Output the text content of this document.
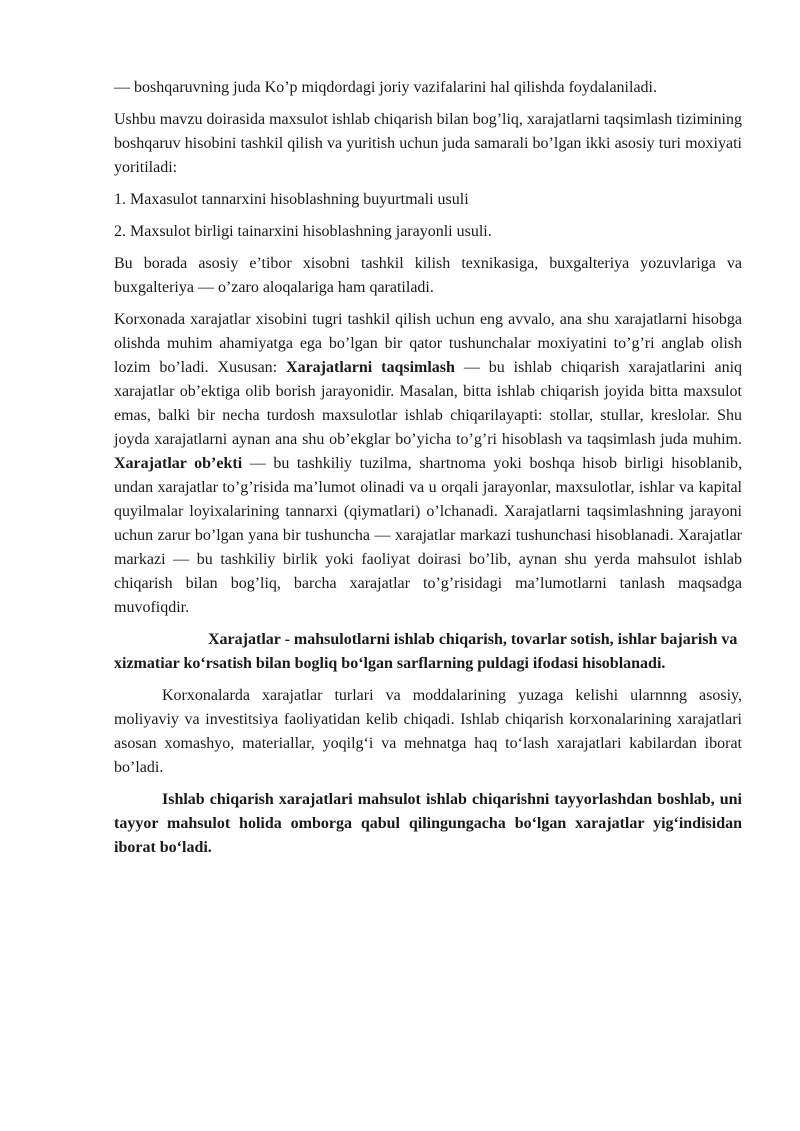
— boshqaruvning juda Ko’p miqdordagi joriy vazifalarini hal qilishda foydalaniladi.

Ushbu mavzu doirasida maxsulot ishlab chiqarish bilan bog’liq, xarajatlarni taqsimlash tizimining boshqaruv hisobini tashkil qilish va yuritish uchun juda samarali bo’lgan ikki asosiy turi moxiyati yoritiladi:

1. Maxasulot tannarxini hisoblashning buyurtmali usuli

2. Maxsulot birligi tainarxini hisoblashning jarayonli usuli.

Bu borada asosiy e’tibor xisobni tashkil kilish texnikasiga, buxgalteriya yozuvlariga va buxgalteriya — o’zaro aloqalariga ham qaratiladi.

Korxonada xarajatlar xisobini tugri tashkil qilish uchun eng avvalo, ana shu xarajatlarni hisobga olishda muhim ahamiyatga ega bo’lgan bir qator tushunchalar moxiyatini to’g’ri anglab olish lozim bo’ladi. Xususan: Xarajatlarni taqsimlash — bu ishlab chiqarish xarajatlarini aniq xarajatlar ob’ektiga olib borish jarayonidir. Masalan, bitta ishlab chiqarish joyida bitta maxsulot emas, balki bir necha turdosh maxsulotlar ishlab chiqarilayapti: stollar, stullar, kreslolar. Shu joyda xarajatlarni aynan ana shu ob’ekglar bo’yicha to’g’ri hisoblash va taqsimlash juda muhim. Xarajatlar ob’ekti — bu tashkiliy tuzilma, shartnoma yoki boshqa hisob birligi hisoblanib, undan xarajatlar to’g’risida ma’lumot olinadi va u orqali jarayonlar, maxsulotlar, ishlar va kapital quyilmalar loyixalarining tannarxi (qiymatlari) o’lchanadi. Xarajatlarni taqsimlashning jarayoni uchun zarur bo’lgan yana bir tushuncha — xarajatlar markazi tushunchasi hisoblanadi. Xarajatlar markazi — bu tashkiliy birlik yoki faoliyat doirasi bo’lib, aynan shu yerda mahsulot ishlab chiqarish bilan bog’liq, barcha xarajatlar to’g’risidagi ma’lumotlarni tanlash maqsadga muvofiqdir.

Xarajatlar - mahsulotlarni ishlab chiqarish, tovarlar sotish, ishlar bajarish va xizmatiar ko‘rsatish bilan bogliq bo‘lgan sarflarning puldagi ifodasi hisoblanadi.

Korxonalarda xarajatlar turlari va moddalarining yuzaga kelishi ularnnng asosiy, moliyaviy va investitsiya faoliyatidan kelib chiqadi. Ishlab chiqarish korxonalarining xarajatlari asosan xomashyo, materiallar, yoqilg‘i va mehnatga haq to‘lash xarajatlari kabilardan iborat bo’ladi.

Ishlab chiqarish xarajatlari mahsulot ishlab chiqarishni tayyorlashdan boshlab, uni tayyor mahsulot holida omborga qabul qilingungacha bo‘lgan xarajatlar yig‘indisidan iborat bo‘ladi.
